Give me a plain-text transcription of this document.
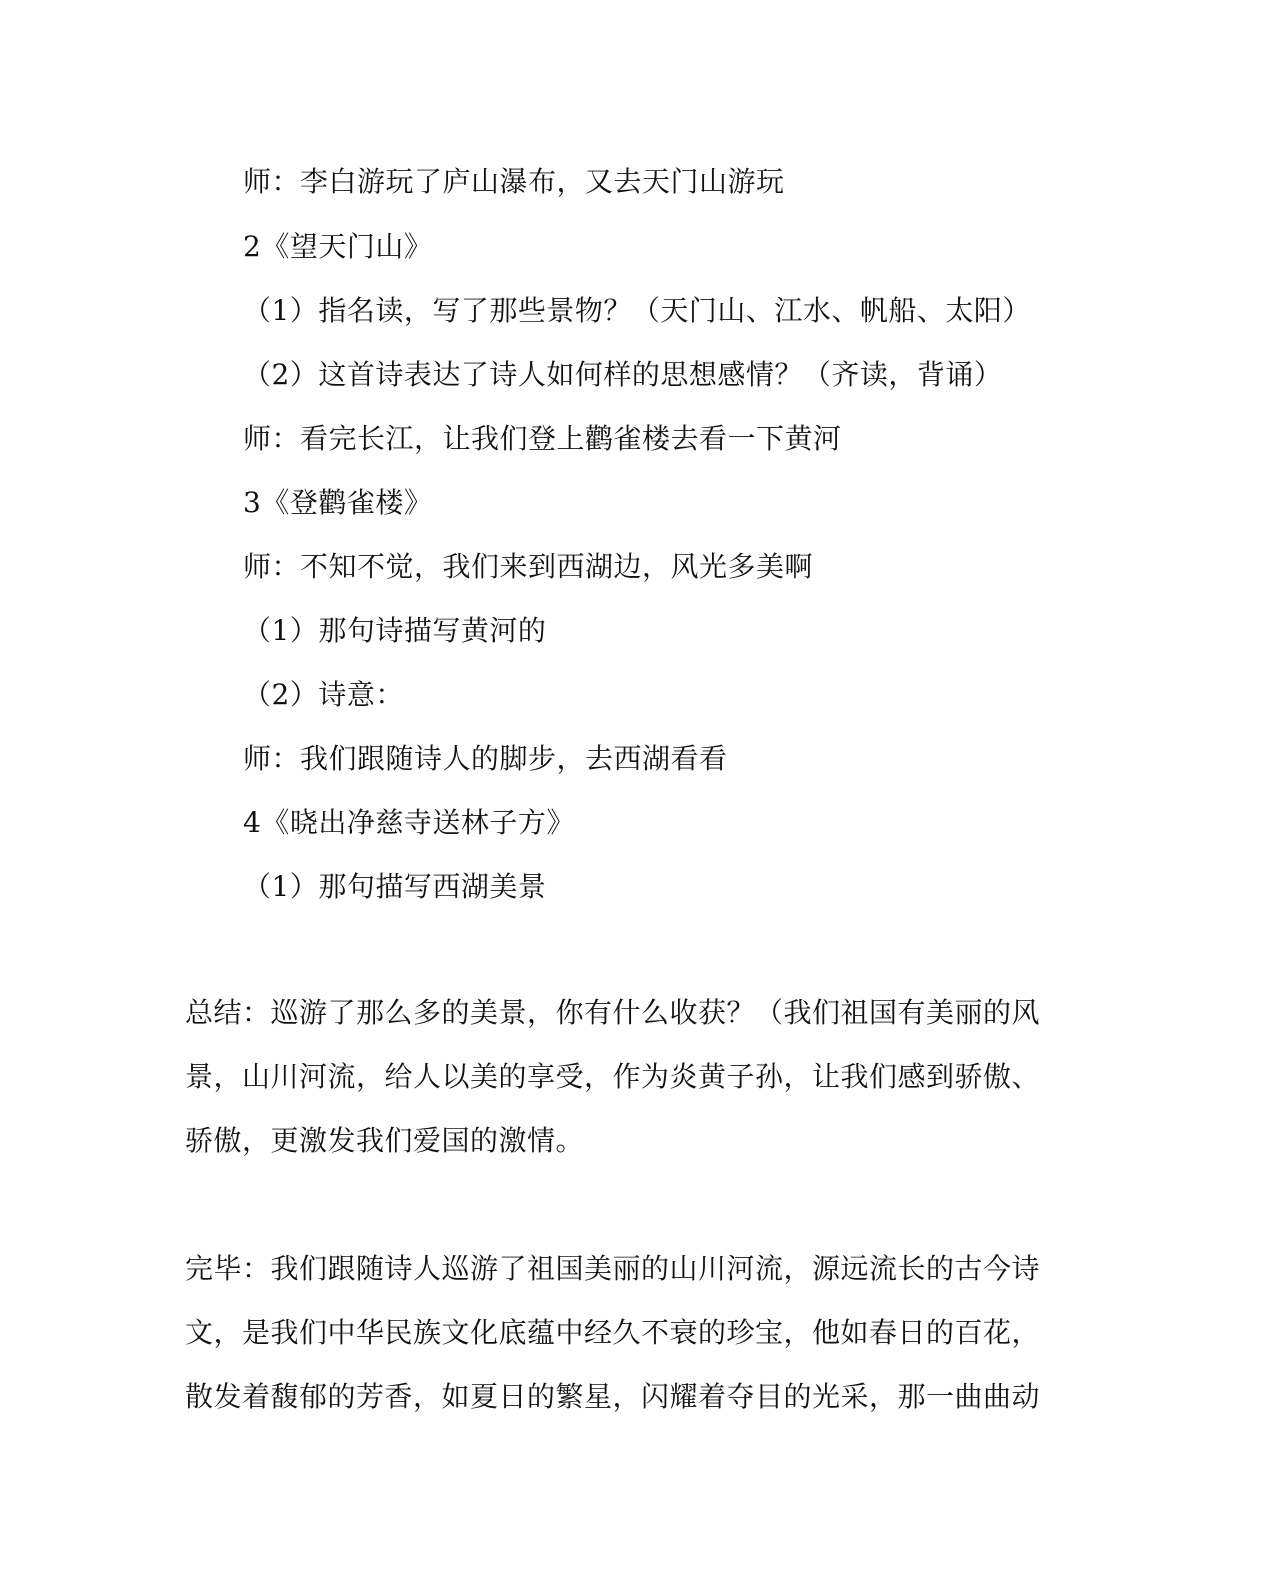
师：李白游玩了庐山瀑布，又去天门山游玩
2《望天门山》
（1）指名读，写了那些景物？（天门山、江水、帆船、太阳）
（2）这首诗表达了诗人如何样的思想感情？（齐读，背诵）
师：看完长江，让我们登上鹳雀楼去看一下黄河
3《登鹳雀楼》
师：不知不觉，我们来到西湖边，风光多美啊
（1）那句诗描写黄河的
（2）诗意：
师：我们跟随诗人的脚步，去西湖看看
4《晓出净慈寺送林子方》
（1）那句描写西湖美景
总结：巡游了那么多的美景，你有什么收获？（我们祖国有美丽的风
景，山川河流，给人以美的享受，作为炎黄子孙，让我们感到骄傲、
骄傲，更激发我们爱国的激情。
完毕：我们跟随诗人巡游了祖国美丽的山川河流，源远流长的古今诗
文，是我们中华民族文化底蕴中经久不衰的珍宝，他如春日的百花，
散发着馥郁的芳香，如夏日的繁星，闪耀着夺目的光采，那一曲曲动
